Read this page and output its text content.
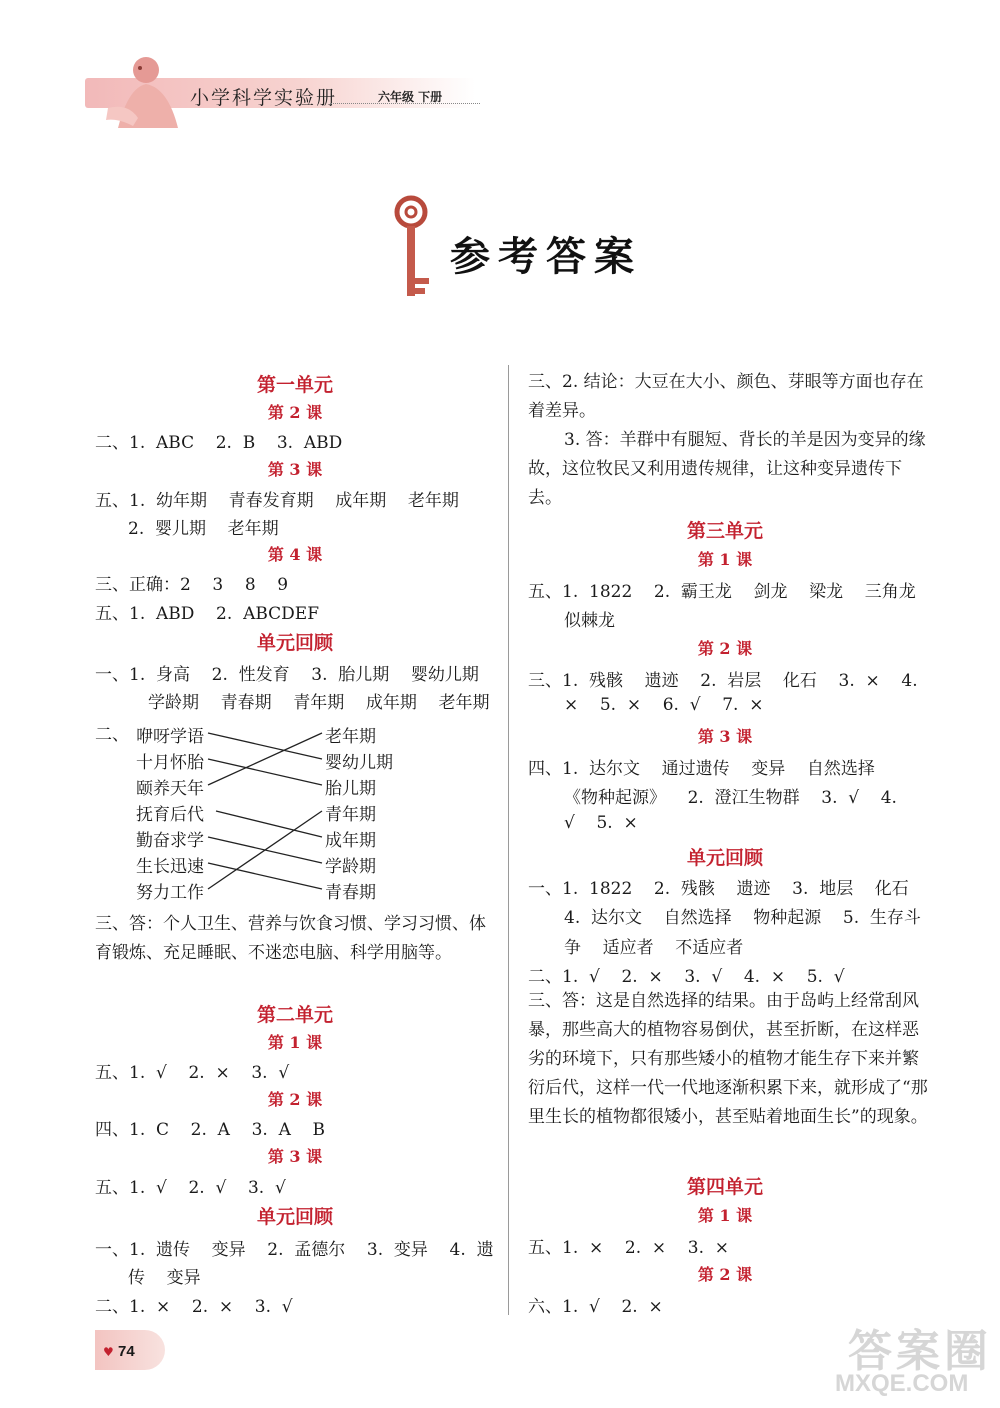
小学科学实验册	六年级 下册
参考答案
第一单元
第 2 课
二、1.  ABC    2.  B    3.  ABD
第 3 课
五、1.  幼年期    青春发育期    成年期    老年期
2.  婴儿期    老年期
第 4 课
三、正确：2    3    8    9
五、1.  ABD    2.  ABCDEF
单元回顾
一、1.  身高    2.  性发育    3.  胎儿期    婴幼儿期
学龄期    青春期    青年期    成年期    老年期
二、 咿呀学语
十月怀胎
颐养天年
抚育后代
勤奋求学
生长迅速
努力工作
老年期
婴幼儿期
胎儿期
青年期
成年期
学龄期
青春期
三、答：个人卫生、营养与饮食习惯、学习习惯、体育锻炼、充足睡眠、不迷恋电脑、科学用脑等。
第二单元
第 1 课
五、1.  √    2.  ×    3.  √
第 2 课
四、1.  C    2.  A    3.  A    B
第 3 课
五、1.  √    2.  √    3.  √
单元回顾
一、1.  遗传    变异    2.  孟德尔    3.  变异    4.  遗
传    变异
二、1.  ×    2.  ×    3.  √
三、2. 结论：大豆在大小、颜色、芽眼等方面也存在着差异。
3. 答：羊群中有腿短、背长的羊是因为变异的缘故，这位牧民又利用遗传规律，让这种变异遗传下去。
第三单元
第 1 课
五、1.  1822    2.  霸王龙    剑龙    梁龙    三角龙
似棘龙
第 2 课
三、1.  残骸    遗迹    2.  岩层    化石    3.  ×    4.
×    5.  ×    6.  √    7.  ×
第 3 课
四、1.  达尔文    通过遗传    变异    自然选择
《物种起源》    2.  澄江生物群    3.  √    4.
√    5.  ×
单元回顾
一、1.  1822    2.  残骸    遗迹    3.  地层    化石
4.  达尔文    自然选择    物种起源    5.  生存斗
争    适应者    不适应者
二、1.  √    2.  ×    3.  √    4.  ×    5.  √
三、答：这是自然选择的结果。由于岛屿上经常刮风暴，那些高大的植物容易倒伏，甚至折断，在这样恶劣的环境下，只有那些矮小的植物才能生存下来并繁衍后代，这样一代一代地逐渐积累下来，就形成了“那里生长的植物都很矮小，甚至贴着地面生长”的现象。
第四单元
第 1 课
五、1.  ×    2.  ×    3.  ×
第 2 课
六、1.  √    2.  ×
♥ 74	答案圈
MXQE.COM
